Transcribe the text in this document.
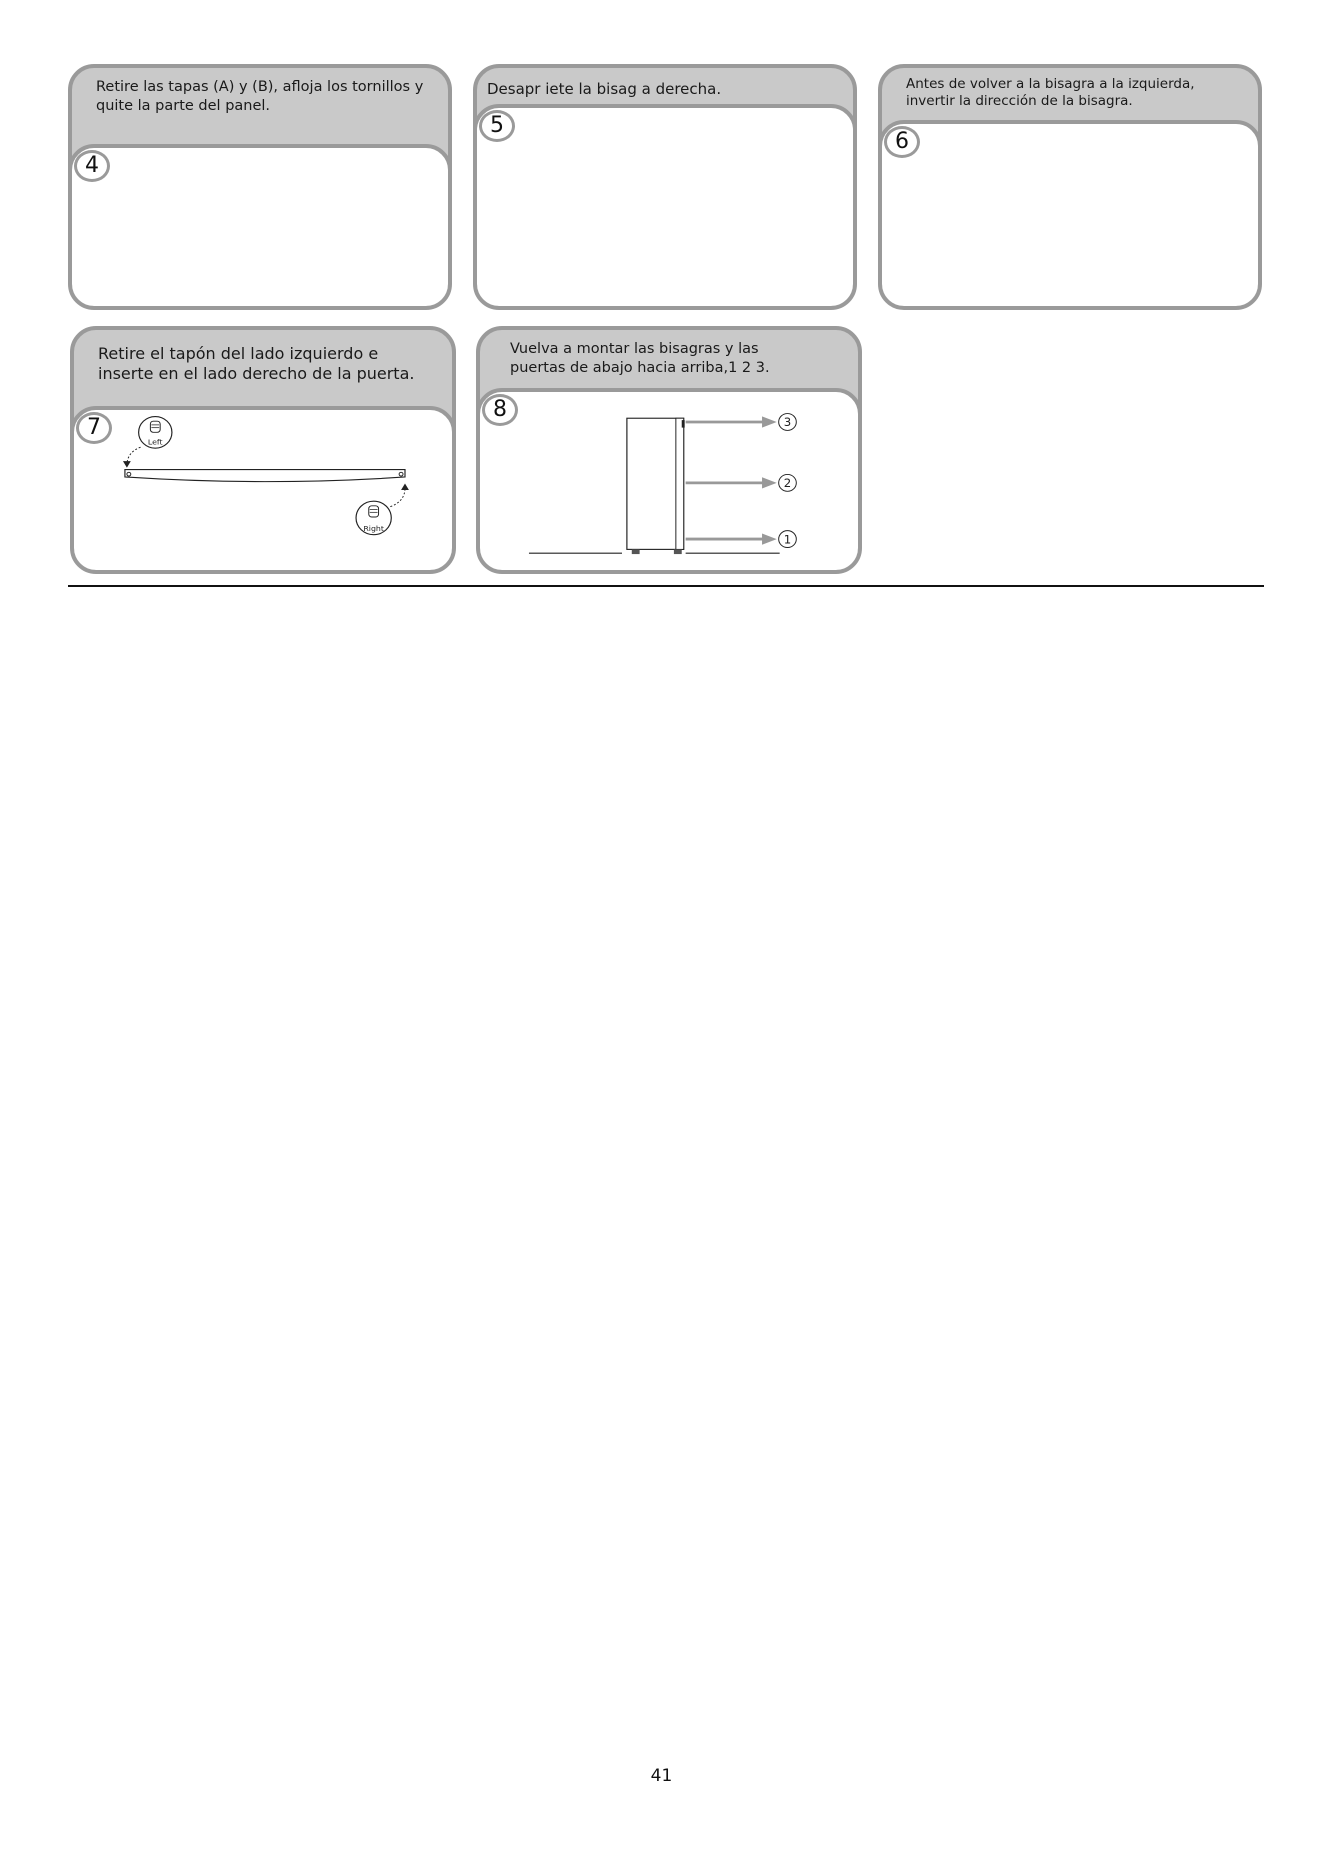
Retire las tapas (A) y (B), afloja los tornillos y
quite la parte del panel.
4
Desapr iete la bisag a derecha.
5
Antes de volver a la bisagra a la izquierda,
invertir la dirección de la bisagra.
6
Retire el tapón del lado izquierdo e
inserte en el lado derecho de la puerta.
7
Left
Right
Vuelva a montar las bisagras y las
puertas de abajo hacia arriba,1 2 3.
8
3
2
1
41
